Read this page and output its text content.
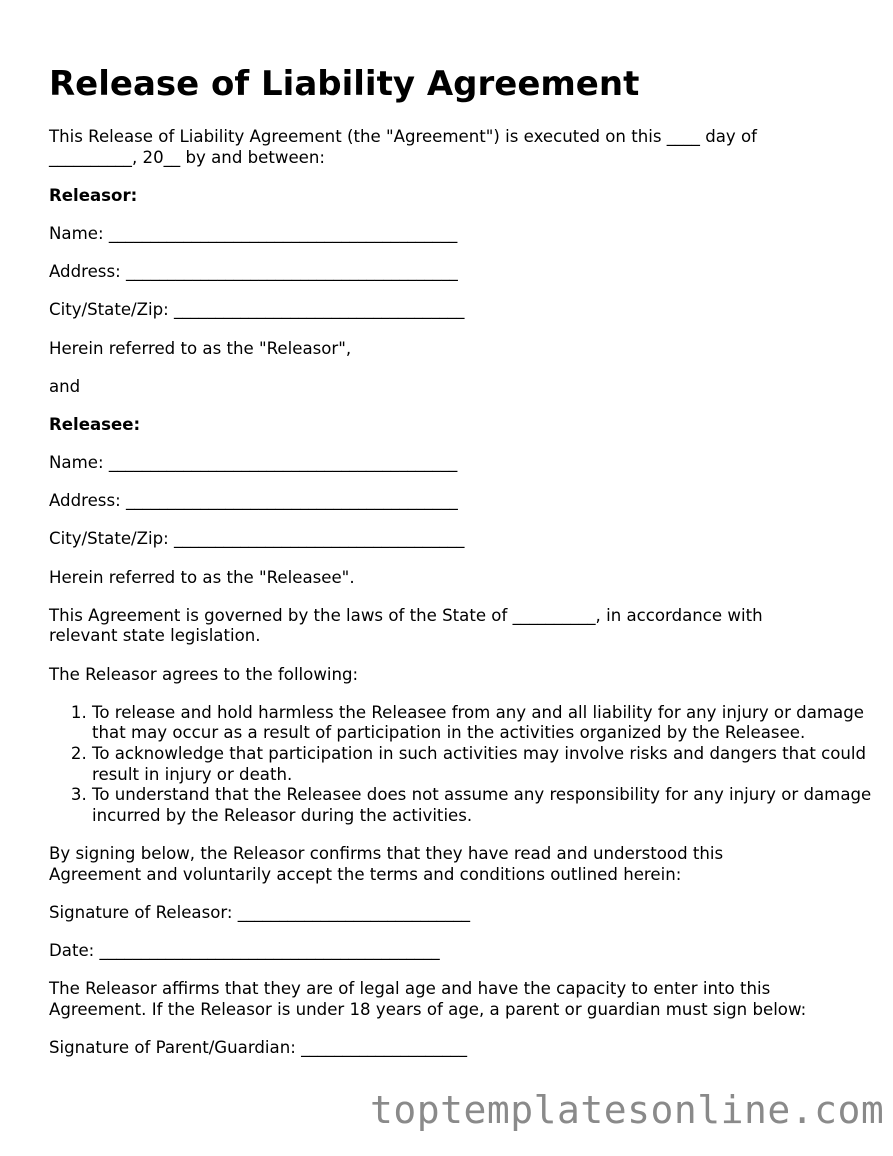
Release of Liability Agreement

This Release of Liability Agreement (the "Agreement") is executed on this ____ day of __________, 20__ by and between:

Releasor:

Name: __________________________________________

Address: ________________________________________

City/State/Zip: ___________________________________

Herein referred to as the "Releasor",

and

Releasee:

Name: __________________________________________

Address: ________________________________________

City/State/Zip: ___________________________________

Herein referred to as the "Releasee".

This Agreement is governed by the laws of the State of __________, in accordance with relevant state legislation.

The Releasor agrees to the following:

1. To release and hold harmless the Releasee from any and all liability for any injury or damage that may occur as a result of participation in the activities organized by the Releasee.
2. To acknowledge that participation in such activities may involve risks and dangers that could result in injury or death.
3. To understand that the Releasee does not assume any responsibility for any injury or damage incurred by the Releasor during the activities.

By signing below, the Releasor confirms that they have read and understood this Agreement and voluntarily accept the terms and conditions outlined herein:

Signature of Releasor: ____________________________

Date: _________________________________________

The Releasor affirms that they are of legal age and have the capacity to enter into this Agreement. If the Releasor is under 18 years of age, a parent or guardian must sign below:

Signature of Parent/Guardian: ____________________

toptemplatesonline.com
